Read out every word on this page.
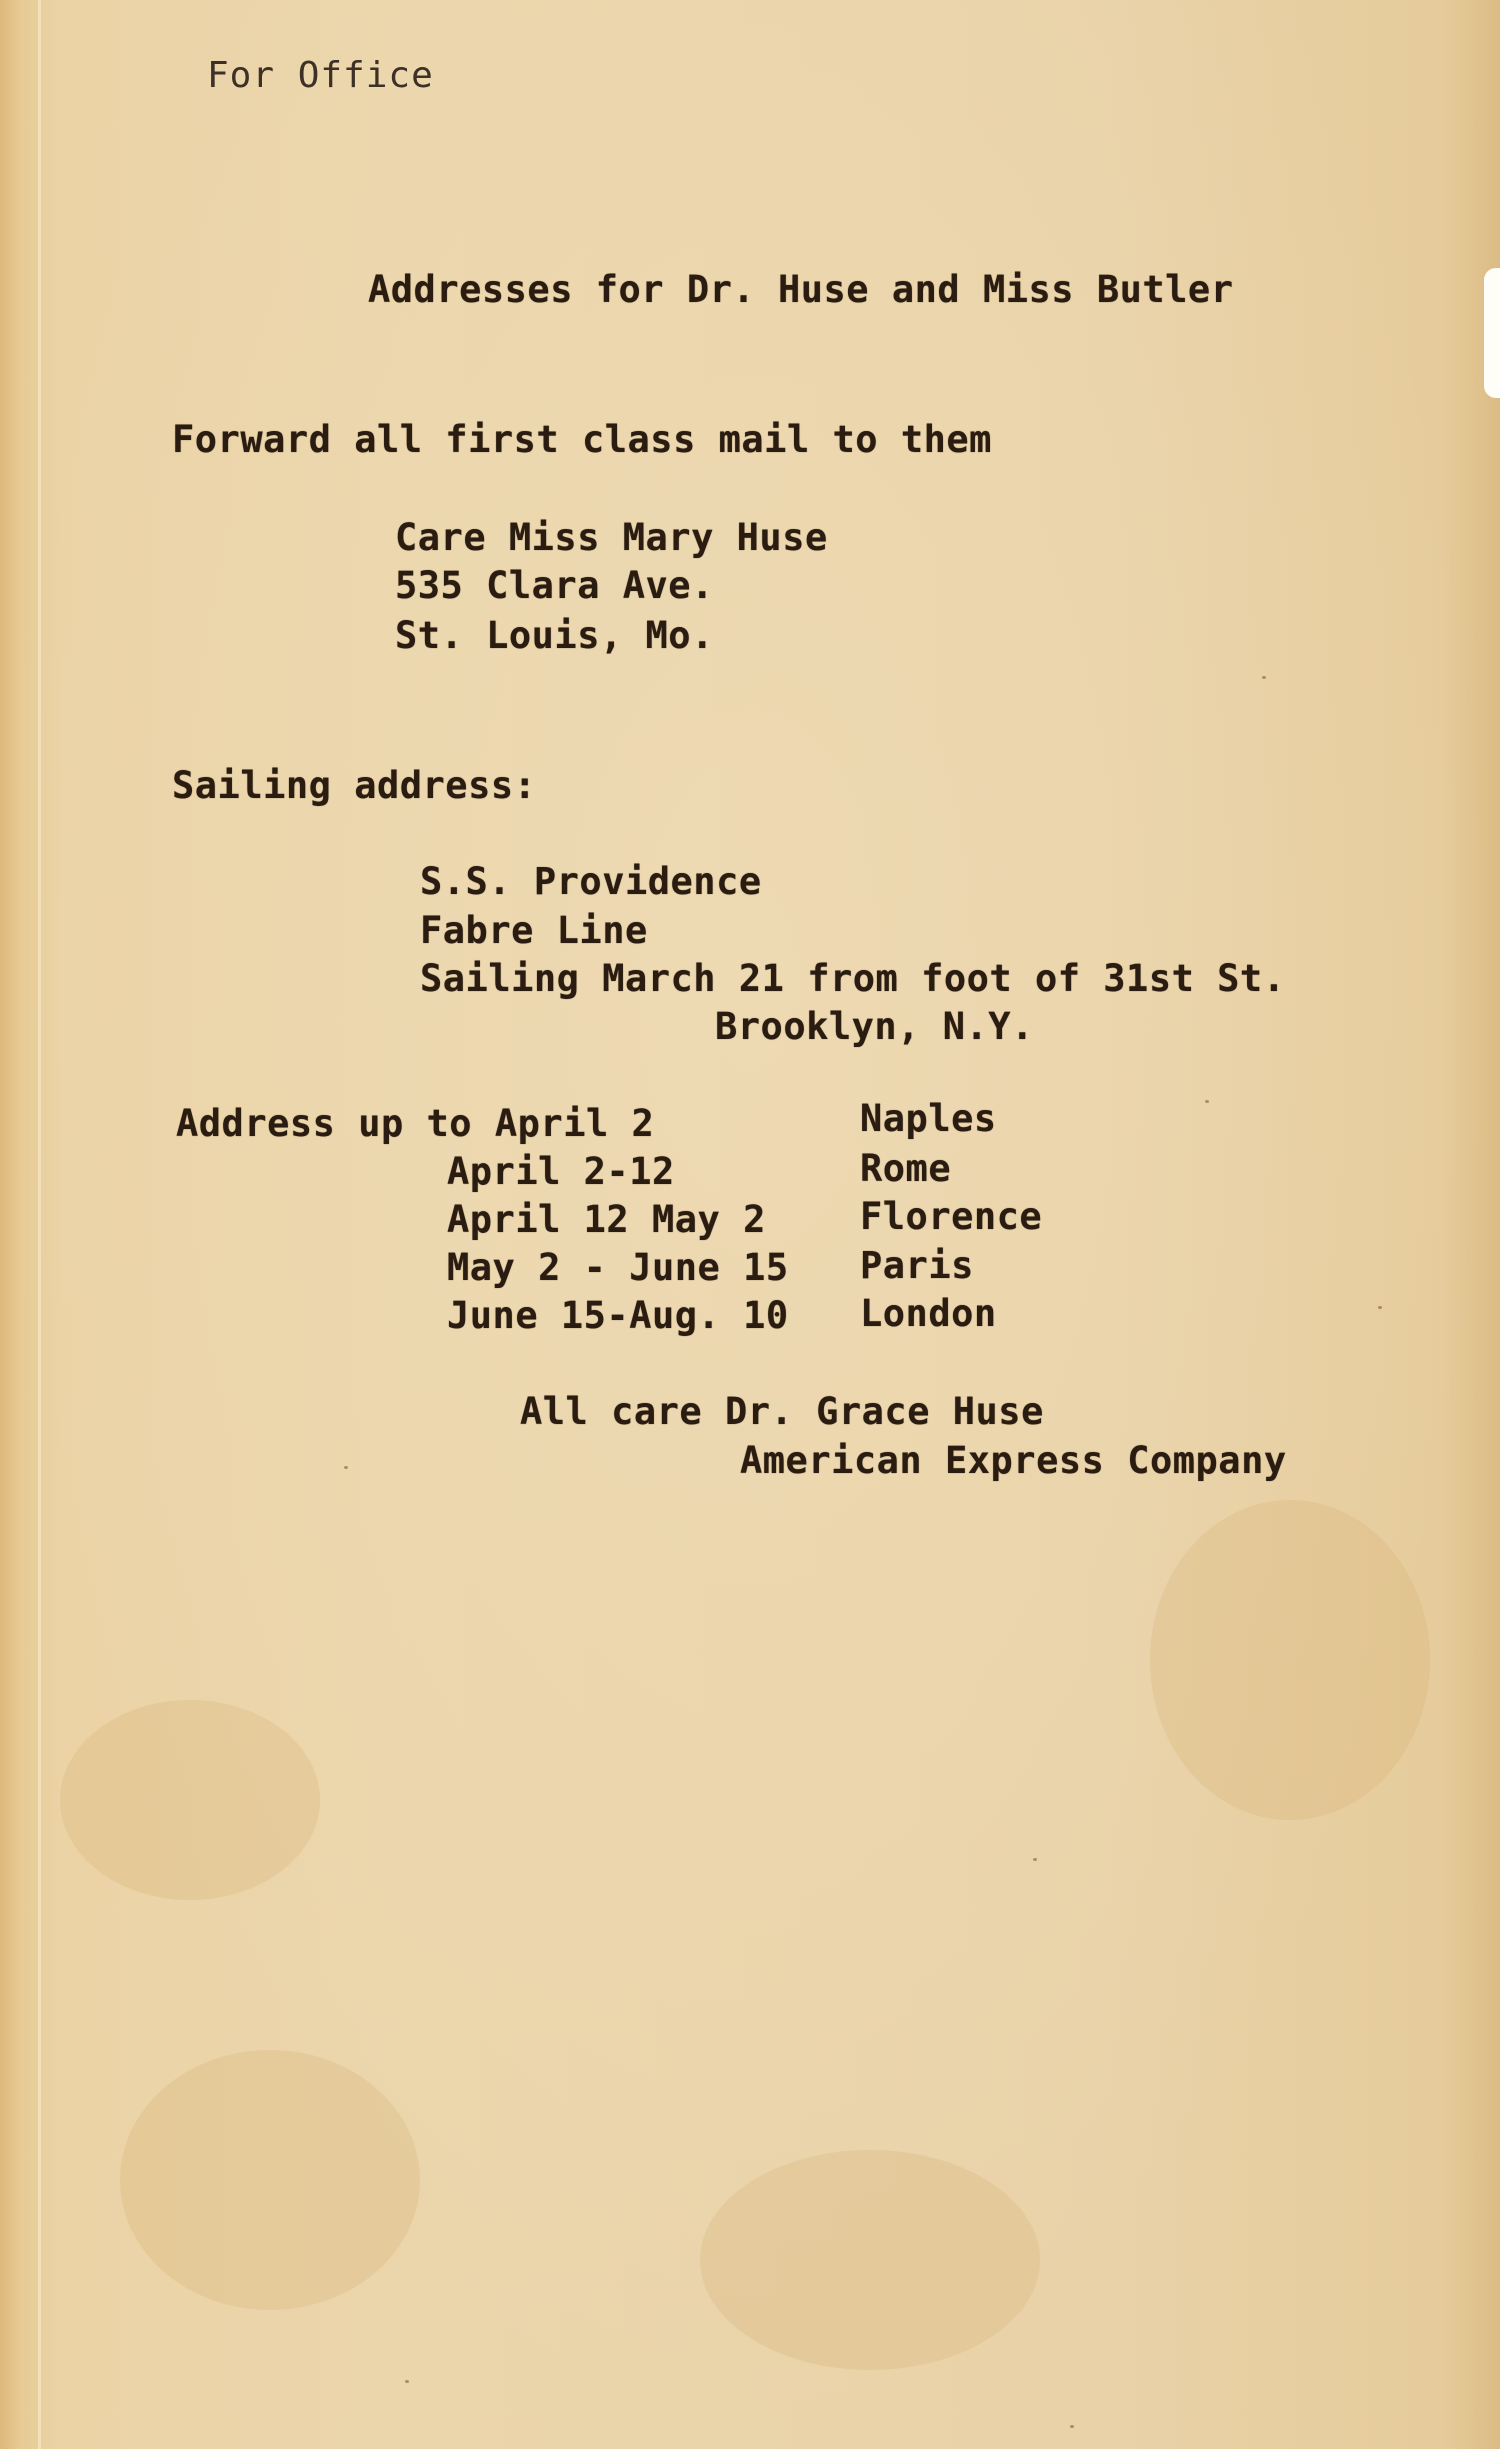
For Office

Addresses for Dr. Huse and Miss Butler

Forward all first class mail to them

Care Miss Mary Huse

535 Clara Ave.

St. Louis, Mo.

Sailing address:

S.S. Providence

Fabre Line

Sailing March 21 from foot of 31st St.

Brooklyn, N.Y.

Address up to April 2	Naples

April 2-12	Rome

April 12 May 2	Florence

May 2 - June 15 Paris

June 15-Aug. 10 London

All care Dr. Grace Huse

American Express Company
